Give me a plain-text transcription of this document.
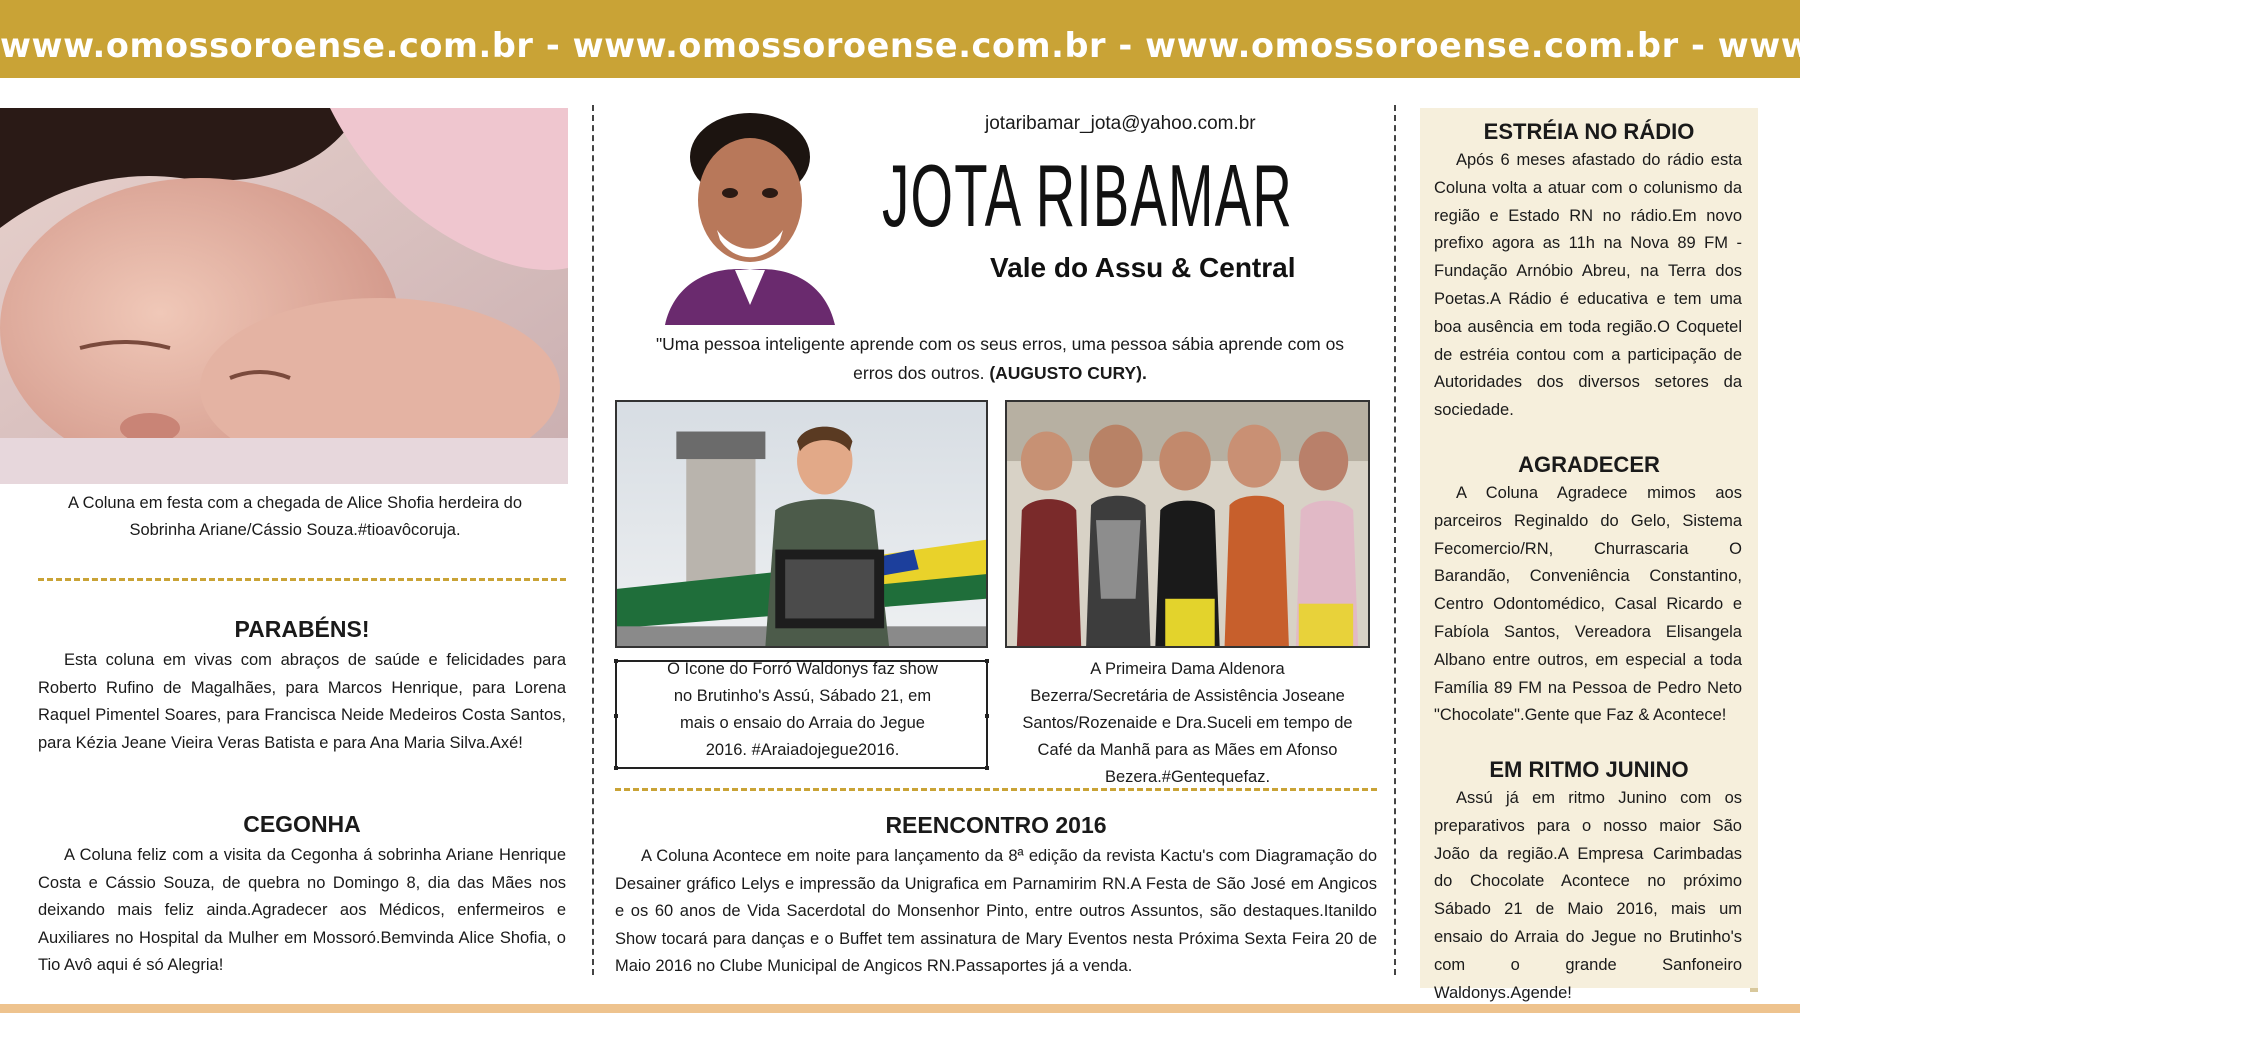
www.omossoroense.com.br - www.omossoroense.com.br - www.omossoroense.com.br - www.omossoroense.com.br
A Coluna em festa com a chegada de Alice Shofia herdeira do Sobrinha Ariane/Cássio Souza.#tioavôcoruja.
PARABÉNS!
Esta coluna em vivas com abraços de saúde e felicidades para Roberto Rufino de Magalhães, para Marcos Henrique, para Lorena Raquel Pimentel Soares, para Francisca Neide Medeiros Costa Santos, para Kézia Jeane Vieira Veras Batista e para Ana Maria Silva.Axé!
CEGONHA
A Coluna feliz com a visita da Cegonha á sobrinha Ariane Henrique Costa e Cássio Souza, de quebra no Domingo 8, dia das Mães nos deixando mais feliz ainda.Agradecer aos Médicos, enfermeiros e Auxiliares no Hospital da Mulher em Mossoró.Bemvinda Alice Shofia, o Tio Avô aqui é só Alegria!
jotaribamar_jota@yahoo.com.br
JOTA RIBAMAR
Vale do Assu & Central
"Uma pessoa inteligente aprende com os seus erros, uma pessoa sábia aprende com os erros dos outros. (AUGUSTO CURY).
O Icone do Forró Waldonys faz show no Brutinho's Assú, Sábado 21, em mais o ensaio do Arraia do Jegue 2016. #Araiadojegue2016.
A Primeira Dama Aldenora Bezerra/Secretária de Assistência Joseane Santos/Rozenaide e Dra.Suceli em tempo de Café da Manhã para as Mães em Afonso Bezera.#Gentequefaz.
REENCONTRO 2016
A Coluna Acontece em noite para lançamento da 8ª edição da revista Kactu's com Diagramação do Desainer gráfico Lelys e impressão da Unigrafica em Parnamirim RN.A Festa de São José em Angicos e os 60 anos de Vida Sacerdotal do Monsenhor Pinto, entre outros Assuntos, são destaques.Itanildo Show tocará para danças e o Buffet tem assinatura de Mary Eventos nesta Próxima Sexta Feira 20 de Maio 2016 no Clube Municipal de Angicos RN.Passaportes já a venda.
ESTRÉIA NO RÁDIO
Após 6 meses afastado do rádio esta Coluna volta a atuar com o colunismo da região e Estado RN no rádio.Em novo prefixo agora as 11h na Nova 89 FM - Fundação Arnóbio Abreu, na Terra dos Poetas.A Rádio é educativa e tem uma boa ausência em toda região.O Coquetel de estréia contou com a participação de Autoridades dos diversos setores da sociedade.
AGRADECER
A Coluna Agradece mimos aos parceiros Reginaldo do Gelo, Sistema Fecomercio/RN, Churrascaria O Barandão, Conveniência Constantino, Centro Odontomédico, Casal Ricardo e Fabíola Santos, Vereadora Elisangela Albano entre outros, em especial a toda Família 89 FM na Pessoa de Pedro Neto "Chocolate".Gente que Faz & Acontece!
EM RITMO JUNINO
Assú já em ritmo Junino com os preparativos para o nosso maior São João da região.A Empresa Carimbadas do Chocolate Acontece no próximo Sábado 21 de Maio 2016, mais um ensaio do Arraia do Jegue no Brutinho's com o grande Sanfoneiro Waldonys.Agende!
